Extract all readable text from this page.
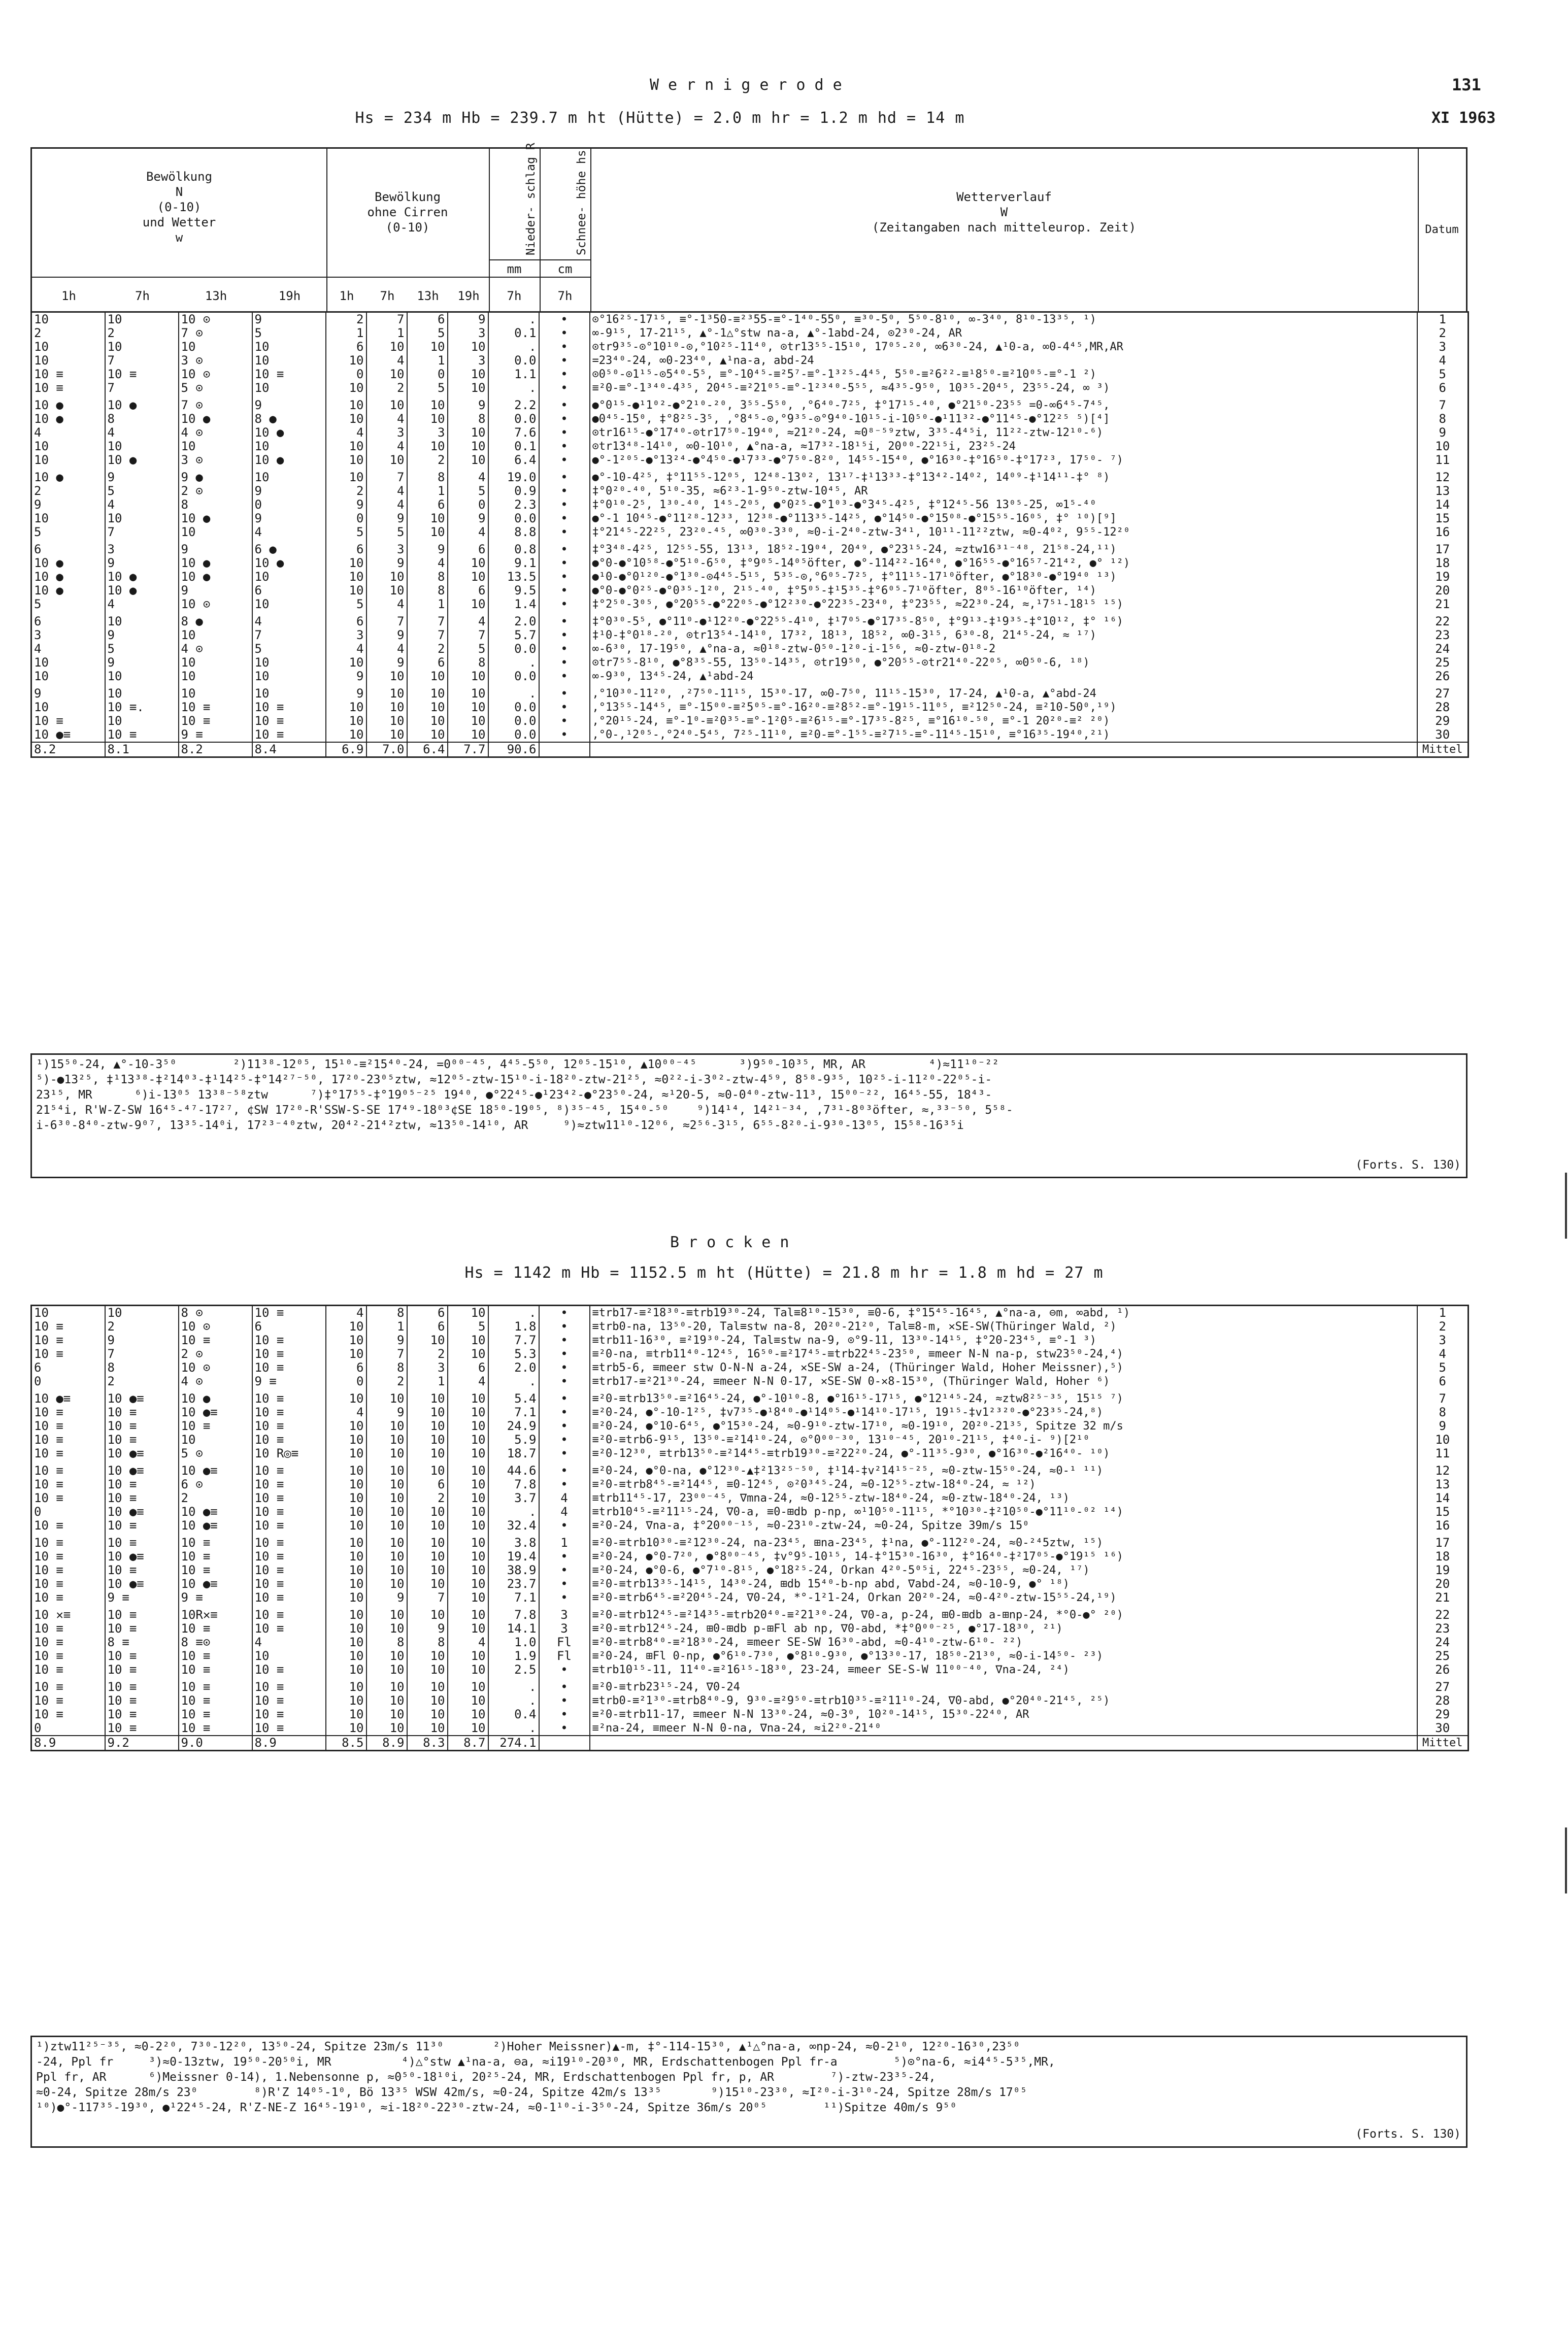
Wernigerode	131
Hs = 234 m Hb = 239.7 m ht (Hütte) = 2.0 m hr = 1.2 m hd = 14 m	XI 1963
Bewölkung
N
(0-10)
und Wetter
w
Bewölkung
ohne Cirren
(0-10)	Nieder- schlag R	Schnee- höhe hs
mm	cm
Wetterverlauf
W
(Zeitangaben nach mitteleurop. Zeit)	Datum
1h	7h	13h	19h	1h	7h	13h	19h	7h	7h
10	10	10 ⊙	9	2	7	6	9	.	•	⊙°16²⁵-17¹⁵, ≡°-1³50-≡²³55-≡°-1⁴⁰-55⁰, ≡³⁰-5⁰, 5⁵⁰-8¹⁰, ∞-3⁴⁰, 8¹⁰-13³⁵, ¹)	1
2	2	7 ⊙	5	1	1	5	3	0.1	•	∞-9¹⁵, 17-21¹⁵, ▲°-1△°stw na-a, ▲°-1abd-24, ⊙2³⁰-24, AR	2
10	10	10	10	6	10	10	10	.	•	⊙tr9³⁵-⊙°10¹⁰-⊙,°10²⁵-11⁴⁰, ⊙tr13⁵⁵-15¹⁰, 17⁰⁵-²⁰, ∞6³⁰-24, ▲¹0-a, ∞0-4⁴⁵,MR,AR	3
10	7	3 ⊙	10	10	4	1	3	0.0	•	=23⁴⁰-24, ∞0-23⁴⁰, ▲¹na-a, abd-24	4
10 ≡	10 ≡	10 ⊙	10 ≡	0	10	0	10	1.1	•	⊙0⁵⁰-⊙1¹⁵-⊙5⁴⁰-5⁵, ≡°-10⁴⁵-≡²5⁷-≡°-1³²⁵-4⁴⁵, 5⁵⁰-≡²6²²-≡¹8⁵⁰-≡²10⁰⁵-≡°-1 ²)	5
10 ≡	7	5 ⊙	10	10	2	5	10	.	•	≡²0-≡°-1³⁴⁰-4³⁵, 20⁴⁵-≡²21⁰⁵-≡°-1²³⁴⁰-5⁵⁵, ≈4³⁵-9⁵⁰, 10³⁵-20⁴⁵, 23⁵⁵-24, ∞ ³)	6
10 ●	10 ●	7 ⊙	9	10	10	10	9	2.2	•	●°0¹⁵-●¹1⁰²-●°2¹⁰-²⁰, 3⁵⁵-5⁵⁰, ,°6⁴⁰-7²⁵, ‡°17¹⁵-⁴⁰, ●°21⁵⁰-23⁵⁵ =0-∞6⁴⁵-7⁴⁵,	7
10 ●	8	10 ●	8 ●	10	4	10	8	0.0	•	●0⁴⁵-15⁰, ‡°8²⁵-3⁵, ,°8⁴⁵-⊙,°9³⁵-⊙°9⁴⁰-10¹⁵-i-10⁵⁰-●¹11³²-●°11⁴⁵-●°12²⁵ ⁵)[⁴]	8
4	4	4 ⊙	10 ●	4	3	3	10	7.6	•	⊙tr16¹⁵-●°17⁴⁰-⊙tr17⁵⁰-19⁴⁰, ≈21²⁰-24, ≈0⁸⁻⁵⁹ztw, 3³⁵-4⁴⁵i, 11²²-ztw-12¹⁰-⁶)	9
10	10	10	10	10	4	10	10	0.1	•	⊙tr13⁴⁸-14¹⁰, ∞0-10¹⁰, ▲°na-a, ≈17³²-18¹⁵i, 20⁰⁰-22¹⁵i, 23²⁵-24	10
10	10 ●	3 ⊙	10 ●	10	10	2	10	6.4	•	●°-1²⁰⁵-●°13²⁴-●°4⁵⁰-●¹7³³-●°7⁵⁰-8²⁰, 14⁵⁵-15⁴⁰, ●°16³⁰-‡°16⁵⁰-‡°17²³, 17⁵⁰- ⁷)	11
10 ●	9	9 ●	10	10	7	8	4	19.0	•	●°-10-4²⁵, ‡°11⁵⁵-12⁰⁵, 12⁴⁸-13⁰², 13¹⁷-‡¹13³³-‡°13⁴²-14⁰², 14⁰⁹-‡¹14¹¹-‡° ⁸)	12
2	5	2 ⊙	9	2	4	1	5	0.9	•	‡°0²⁰-⁴⁰, 5¹⁰-35, ≈6²³-1-9⁵⁰-ztw-10⁴⁵, AR	13
9	4	8	0	9	4	6	0	2.3	•	‡°0¹⁰-2⁵, 1³⁰-⁴⁰, 1⁴⁵-2⁰⁵, ●°0²⁵-●°1⁰³-●°3⁴⁵-4²⁵, ‡°12⁴⁵-56 13⁰⁵-25, ∞1⁵-⁴⁰	14
10	10	10 ●	9	0	9	10	9	0.0	•	●°-1 10⁴⁵-●°11²⁸-12³³, 12³⁸-●°113³⁵-14²⁵, ●°14⁵⁰-●°15⁰⁸-●°15⁵⁵-16⁰⁵, ‡° ¹⁰)[⁹]	15
5	7	10	4	5	5	10	4	8.8	•	‡°21⁴⁵-22²⁵, 23²⁰-⁴⁵, ∞0³⁰-3³⁰, ≈0-i-2⁴⁰-ztw-3⁴¹, 10¹¹-11²²ztw, ≈0-4⁰², 9⁵⁵-12²⁰	16
6	3	9	6 ●	6	3	9	6	0.8	•	‡°3⁴⁸-4²⁵, 12⁵⁵-55, 13¹³, 18⁵²-19⁰⁴, 20⁴⁹, ●°23¹⁵-24, ≈ztw16³¹⁻⁴⁸, 21⁵⁸-24,¹¹)	17
10 ●	9	10 ●	10 ●	10	9	4	10	9.1	•	●°0-●°10⁵⁸-●°5¹⁰-6⁵⁰, ‡°9⁰⁵-14⁰⁵öfter, ●°-114²²-16⁴⁰, ●°16⁵⁵-●°16⁵⁷-21⁴², ●° ¹²)	18
10 ●	10 ●	10 ●	10	10	10	8	10	13.5	•	●¹0-●°0¹²⁰-●°1³⁰-⊙4⁴⁵-5¹⁵, 5³⁵-⊙,°6⁰⁵-7²⁵, ‡°11¹⁵-17¹⁰öfter, ●°18³⁰-●°19⁴⁰ ¹³)	19
10 ●	10 ●	9	6	10	10	8	6	9.5	•	●°0-●°0²⁵-●°0³⁵-1²⁰, 2¹⁵-⁴⁰, ‡°5⁰⁵-‡¹5³⁵-‡°6⁰⁵-7¹⁰öfter, 8⁰⁵-16¹⁰öfter, ¹⁴)	20
5	4	10 ⊙	10	5	4	1	10	1.4	•	‡°2⁵⁰-3⁰⁵, ●°20⁵⁵-●°22⁰⁵-●°12²³⁰-●°22³⁵-23⁴⁰, ‡°23⁵⁵, ≈22³⁰-24, ≈,¹7⁵¹-18¹⁵ ¹⁵)	21
6	10	8 ●	4	6	7	7	4	2.0	•	‡°0³⁰-5⁵, ●°11⁰-●¹12²⁰-●°22⁵⁵-4¹⁰, ‡¹7⁰⁵-●°17³⁵-8⁵⁰, ‡°9¹³-‡¹9³⁵-‡°10¹², ‡° ¹⁶)	22
3	9	10	7	3	9	7	7	5.7	•	‡¹0-‡°0¹⁸-²⁰, ⊙tr13⁵⁴-14¹⁰, 17³², 18¹³, 18⁵², ∞0-3¹⁵, 6³⁰-8, 21⁴⁵-24, ≈ ¹⁷)	23
4	5	4 ⊙	5	4	4	2	5	0.0	•	∞-6³⁰, 17-19⁵⁰, ▲°na-a, ≈0¹⁸-ztw-0⁵⁰-1²⁰-i-1⁵⁶, ≈0-ztw-0¹⁸-2	24
10	9	10	10	10	9	6	8	.	•	⊙tr7⁵⁵-8¹⁰, ●°8³⁵-55, 13⁵⁰-14³⁵, ⊙tr19⁵⁰, ●°20⁵⁵-⊙tr21⁴⁰-22⁰⁵, ∞0⁵⁰-6, ¹⁸)	25
10	10	10	10	9	10	10	10	0.0	•	∞-9³⁰, 13⁴⁵-24, ▲¹abd-24	26
9	10	10	10	9	10	10	10	.	•	,°10³⁰-11²⁰, ,²7⁵⁰-11¹⁵, 15³⁰-17, ∞0-7⁵⁰, 11¹⁵-15³⁰, 17-24, ▲¹0-a, ▲°abd-24	27
10	10 ≡.	10 ≡	10 ≡	10	10	10	10	0.0	•	,°13⁵⁵-14⁴⁵, ≡°-15⁰⁰-≡²5⁰⁵-≡°-16²⁰-≡²8⁵²-≡°-19¹⁵-11⁰⁵, ≡²12⁵⁰-24, ≡²10-50⁰,¹⁹)	28
10 ≡	10	10 ≡	10 ≡	10	10	10	10	0.0	•	,°20¹⁵-24, ≡°-1⁰-≡²0³⁵-≡°-1²0⁵-≡²6¹⁵-≡°-17³⁵-8²⁵, ≡°16¹⁰-⁵⁰, ≡°-1 20²⁰-≡² ²⁰)	29
10 ●≡	10 ≡	9 ≡	10 ≡	10	10	10	10	0.0	•	,°0-,¹2⁰⁵-,°2⁴⁰-5⁴⁵, 7²⁵-11¹⁰, ≡²0-≡°-1⁵⁵-≡²7¹⁵-≡°-11⁴⁵-15¹⁰, ≡°16³⁵-19⁴⁰,²¹)	30
8.2	8.1	8.2	8.4	6.9	7.0	6.4	7.7	90.6			Mittel
¹)15⁵⁰-24, ▲°-10-3⁵⁰        ²)11³⁸-12⁰⁵, 15¹⁰-≡²15⁴⁰-24, =0⁰⁰⁻⁴⁵, 4⁴⁵-5⁵⁰, 12⁰⁵-15¹⁰, ▲10⁰⁰⁻⁴⁵      ³)9⁵⁰-10³⁵, MR, AR         ⁴)≈11¹⁰⁻²²
⁵)-●13²⁵, ‡¹13³⁸-‡²14⁰³-‡¹14²⁵-‡°14²⁷⁻⁵⁰, 17²⁰-23⁰⁵ztw, ≈12⁰⁵-ztw-15¹⁰-i-18²⁰-ztw-21²⁵, ≈0²²-i-3⁰²-ztw-4⁵⁹, 8⁵⁸-9³⁵, 10²⁵-i-11²⁰-22⁰⁵-i-
23¹⁵, MR      ⁶)i-13⁰⁵ 13³⁸⁻⁵⁸ztw      ⁷)‡°17⁵⁵-‡°19⁰⁵⁻²⁵ 19⁴⁰, ●°22⁴⁵-●¹23⁴²-●°23⁵⁰-24, ≈¹20-5, ≈0-0⁴⁰-ztw-11³, 15⁰⁰⁻²², 16⁴⁵-55, 18⁴³-
21⁵⁴i, R'W-Z-SW 16⁴⁵-⁴⁷-17²⁷, ¢SW 17²⁰-R'SSW-S-SE 17⁴⁹-18⁰³¢SE 18⁵⁰-19⁰⁵, ⁸)³⁵⁻⁴⁵, 15⁴⁰-⁵⁰    ⁹)14¹⁴, 14²¹⁻³⁴, ,7³¹-8⁰³öfter, ≈,³³⁻⁵⁰, 5⁵⁸-
i-6³⁰-8⁴⁰-ztw-9⁰⁷, 13³⁵-14⁰i, 17²³⁻⁴⁰ztw, 20⁴²-21⁴²ztw, ≈13⁵⁰-14¹⁰, AR     ⁹)≈ztw11¹⁰-12⁰⁶, ≈2⁵⁶-3¹⁵, 6⁵⁵-8²⁰-i-9³⁰-13⁰⁵, 15⁵⁸-16³⁵i
(Forts. S. 130)
Brocken
Hs = 1142 m Hb = 1152.5 m ht (Hütte) = 21.8 m hr = 1.8 m hd = 27 m
10	10	8 ⊙	10 ≡	4	8	6	10	.	•	≡trb17-≡²18³⁰-≡trb19³⁰-24, Tal≡8¹⁰-15³⁰, ≡0-6, ‡°15⁴⁵-16⁴⁵, ▲°na-a, ⊖m, ∞abd, ¹)	1
10 ≡	2	10 ⊙	6	10	1	6	5	1.8	•	≡trb0-na, 13⁵⁰-20, Tal≡stw na-8, 20²⁰-21²⁰, Tal≡8-m, ✕SE-SW(Thüringer Wald, ²)	2
10 ≡	9	10 ≡	10 ≡	10	9	10	10	7.7	•	≡trb11-16³⁰, ≡²19³⁰-24, Tal≡stw na-9, ⊙°9-11, 13³⁰-14¹⁵, ‡°20-23⁴⁵, ≡°-1 ³)	3
10 ≡	7	2 ⊙	10 ≡	10	7	2	10	5.3	•	≡²0-na, ≡trb11⁴⁰-12⁴⁵, 16⁵⁰-≡²17⁴⁵-≡trb22⁴⁵-23⁵⁰, ≡meer N-N na-p, stw23⁵⁰-24,⁴)	4
6	8	10 ⊙	10 ≡	6	8	3	6	2.0	•	≡trb5-6, ≡meer stw O-N-N a-24, ✕SE-SW a-24, (Thüringer Wald, Hoher Meissner),⁵)	5
0	2	4 ⊙	9 ≡	0	2	1	4	.	•	≡trb17-≡²21³⁰-24, ≡meer N-N 0-17, ✕SE-SW 0-✕8-15³⁰, (Thüringer Wald, Hoher ⁶)	6
10 ●≡	10 ●≡	10 ●	10 ≡	10	10	10	10	5.4	•	≡²0-≡trb13⁵⁰-≡²16⁴⁵-24, ●°-10¹⁰-8, ●°16¹⁵-17¹⁵, ●°12¹⁴⁵-24, ≈ztw8²⁵⁻³⁵, 15¹⁵ ⁷)	7
10 ≡	10 ≡	10 ●≡	10 ≡	4	9	10	10	7.1	•	≡²0-24, ●°-10-1²⁵, ‡v7³⁵-●¹8⁴⁰-●¹14⁰⁵-●¹14¹⁰-17¹⁵, 19¹⁵-‡v1²³²⁰-●°23³⁵-24,⁸)	8
10 ≡	10 ≡	10 ≡	10 ≡	10	10	10	10	24.9	•	≡²0-24, ●°10-6⁴⁵, ●°15³⁰-24, ≈0-9¹⁰-ztw-17¹⁰, ≈0-19¹⁰, 20²⁰-21³⁵, Spitze 32 m/s	9
10 ≡	10 ≡	10	10 ≡	10	10	10	10	5.9	•	≡²0-≡trb6-9¹⁵, 13⁵⁰-≡²14¹⁰-24, ⊙°0⁰⁰⁻³⁰, 13¹⁰⁻⁴⁵, 20¹⁰-21¹⁵, ‡⁴⁰-i- ⁹)[2¹⁰	10
10 ≡	10 ●≡	5 ⊙	10 R◎≡	10	10	10	10	18.7	•	≡²0-12³⁰, ≡trb13⁵⁰-≡²14⁴⁵-≡trb19³⁰-≡²22²⁰-24, ●°-11³⁵-9³⁰, ●°16³⁰-●²16⁴⁰- ¹⁰)	11
10 ≡	10 ●≡	10 ●≡	10 ≡	10	10	10	10	44.6	•	≡²0-24, ●°0-na, ●°12³⁰-▲‡²13²⁵⁻⁵⁰, ‡¹14-‡v²14¹⁵⁻²⁵, ≈0-ztw-15⁵⁰-24, ≈0-¹ ¹¹)	12
10 ≡	10 ≡	6 ⊙	10 ≡	10	10	6	10	7.8	•	≡²0-≡trb8⁴⁵-≡²14⁴⁵, ≡0-12⁴⁵, ⊙²0³⁴⁵-24, ≈0-12⁵⁵-ztw-18⁴⁰-24, ≈ ¹²)	13
10 ≡	10 ≡	2	10 ≡	10	10	2	10	3.7	4	≡trb11⁴⁵-17, 23⁰⁰⁻⁴⁵, ∇mna-24, ≈0-12⁵⁵-ztw-18⁴⁰-24, ≈0-ztw-18⁴⁰-24, ¹³)	14
0	10 ●≡	10 ●≡	10 ≡	10	10	10	10	.	4	≡trb10⁴⁵-≡²11¹⁵-24, ∇0-a, ≡0-⊞db p-np, ∞¹10⁵⁰-11¹⁵, *°10³⁰-‡²10⁵⁰-●°11¹⁰-⁰² ¹⁴)	15
10 ≡	10 ≡	10 ●≡	10 ≡	10	10	10	10	32.4	•	≡²0-24, ∇na-a, ‡°20⁰⁰⁻¹⁵, ≈0-23¹⁰-ztw-24, ≈0-24, Spitze 39m/s 15⁰	16
10 ≡	10 ≡	10 ≡	10 ≡	10	10	10	10	3.8	1	≡²0-≡trb10³⁰-≡²12³⁰-24, na-23⁴⁵, ⊞na-23⁴⁵, ‡¹na, ●°-112²⁰-24, ≈0-²⁴5ztw, ¹⁵)	17
10 ≡	10 ●≡	10 ≡	10 ≡	10	10	10	10	19.4	•	≡²0-24, ●°0-7²⁰, ●°8⁰⁰⁻⁴⁵, ‡v°9⁵-10¹⁵, 14-‡°15³⁰-16³⁰, ‡°16⁴⁰-‡²17⁰⁵-●°19¹⁵ ¹⁶)	18
10 ≡	10 ≡	10 ≡	10 ≡	10	10	10	10	38.9	•	≡²0-24, ●°0-6, ●°7¹⁰-8¹⁵, ●°18²⁵-24, Orkan 4²⁰-5⁰⁵i, 22⁴⁵-23⁵⁵, ≈0-24, ¹⁷)	19
10 ≡	10 ●≡	10 ●≡	10 ≡	10	10	10	10	23.7	•	≡²0-≡trb13³⁵-14¹⁵, 14³⁰-24, ⊞db 15⁴⁰-b-np abd, ∇abd-24, ≈0-10-9, ●° ¹⁸)	20
10 ≡	9 ≡	9 ≡	10 ≡	10	9	7	10	7.1	•	≡²0-≡trb6⁴⁵-≡²20⁴⁵-24, ∇0-24, *°-1²1-24, Orkan 20²⁰-24, ≈0-4²⁰-ztw-15⁵⁵-24,¹⁹)	21
10 ✕≡	10 ≡	10R✕≡	10 ≡	10	10	10	10	7.8	3	≡²0-≡trb12⁴⁵-≡²14³⁵-≡trb20⁴⁰-≡²21³⁰-24, ∇0-a, p-24, ⊞0-⊞db a-⊞np-24, *°0-●° ²⁰)	22
10 ≡	10 ≡	10 ≡	10 ≡	10	10	9	10	14.1	3	≡²0-≡trb12⁴⁵-24, ⊞0-⊞db p-⊞Fl ab np, ∇0-abd, *‡°0⁰⁰⁻²⁵, ●°17-18³⁰, ²¹)	23
10 ≡	8 ≡	8 ≡⊙	4	10	8	8	4	1.0	Fl	≡²0-≡trb8⁴⁰-≡²18³⁰-24, ≡meer SE-SW 16³⁰-abd, ≈0-4¹⁰-ztw-6¹⁰- ²²)	24
10 ≡	10 ≡	10 ≡	10	10	10	10	10	1.9	Fl	≡²0-24, ⊞Fl 0-np, ●°6¹⁰-7³⁰, ●°8¹⁰-9³⁰, ●°13³⁰-17, 18⁵⁰-21³⁰, ≈0-i-14⁵⁰- ²³)	25
10 ≡	10 ≡	10 ≡	10 ≡	10	10	10	10	2.5	•	≡trb10¹⁵-11, 11⁴⁰-≡²16¹⁵-18³⁰, 23-24, ≡meer SE-S-W 11⁰⁰⁻⁴⁰, ∇na-24, ²⁴)	26
10 ≡	10 ≡	10 ≡	10 ≡	10	10	10	10	.	•	≡²0-≡trb23¹⁵-24, ∇0-24	27
10 ≡	10 ≡	10 ≡	10 ≡	10	10	10	10	.	•	≡trb0-≡²1³⁰-≡trb8⁴⁰-9, 9³⁰-≡²9⁵⁰-≡trb10³⁵-≡²11¹⁰-24, ∇0-abd, ●°20⁴⁰-21⁴⁵, ²⁵)	28
10 ≡	10 ≡	10 ≡	10 ≡	10	10	10	10	0.4	•	≡²0-≡trb11-17, ≡meer N-N 13³⁰-24, ≈0-3⁰, 10²⁰-14¹⁵, 15³⁰-22⁴⁰, AR	29
0	10 ≡	10 ≡	10 ≡	10	10	10	10	.	•	≡²na-24, ≡meer N-N 0-na, ∇na-24, ≈i2²⁰-21⁴⁰	30
8.9	9.2	9.0	8.9	8.5	8.9	8.3	8.7	274.1			Mittel
¹)ztw11²⁵⁻³⁵, ≈0-2²⁰, 7³⁰-12²⁰, 13⁵⁰-24, Spitze 23m/s 11³⁰       ²)Hoher Meissner)▲-m, ‡°-114-15³⁰, ▲¹△°na-a, ∞np-24, ≈0-2¹⁰, 12²⁰-16³⁰,23⁵⁰
-24, Ppl fr     ³)≈0-13ztw, 19⁵⁰-20⁵⁰i, MR          ⁴)△°stw ▲¹na-a, ⊖a, ≈i19¹⁰-20³⁰, MR, Erdschattenbogen Ppl fr-a        ⁵)⊙°na-6, ≈i4⁴⁵-5³⁵,MR,
Ppl fr, AR      ⁶)Meissner 0-14), 1.Nebensonne p, ≈0⁵⁰-18¹⁰i, 20²⁵-24, MR, Erdschattenbogen Ppl fr, p, AR        ⁷)-ztw-23³⁵-24,
≈0-24, Spitze 28m/s 23⁰        ⁸)R'Z 14⁰⁵-1⁰, Bö 13³⁵ WSW 42m/s, ≈0-24, Spitze 42m/s 13³⁵       ⁹)15¹⁰-23³⁰, ≈I²⁰-i-3¹⁰-24, Spitze 28m/s 17⁰⁵
¹⁰)●°-117³⁵-19³⁰, ●¹22⁴⁵-24, R'Z-NE-Z 16⁴⁵-19¹⁰, ≈i-18²⁰-22³⁰-ztw-24, ≈0-1¹⁰-i-3⁵⁰-24, Spitze 36m/s 20⁰⁵        ¹¹)Spitze 40m/s 9⁵⁰
(Forts. S. 130)
